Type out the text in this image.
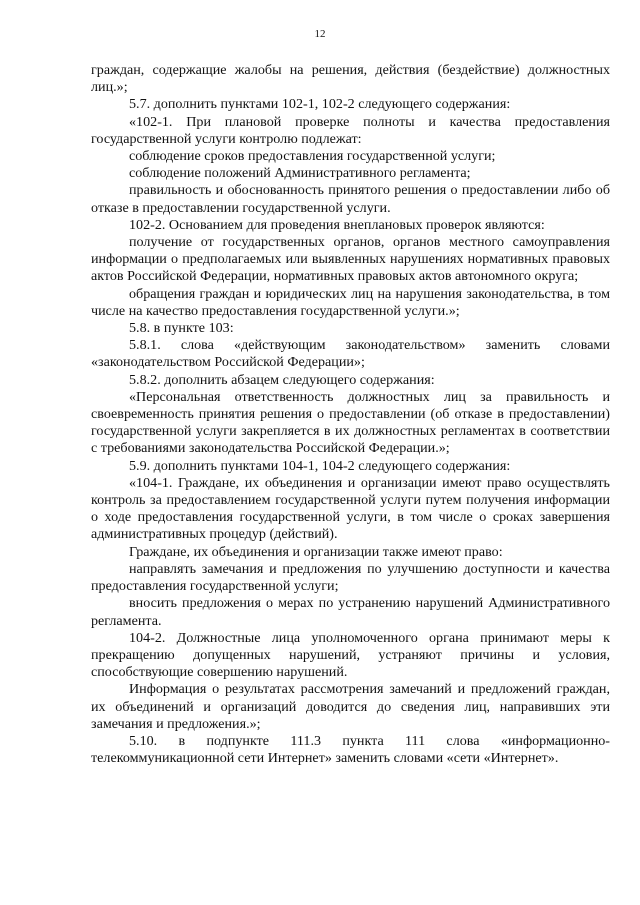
12

граждан, содержащие жалобы на решения, действия (бездействие) должностных лиц.»;

5.7. дополнить пунктами 102-1, 102-2 следующего содержания:

«102-1. При плановой проверке полноты и качества предоставления государственной услуги контролю подлежат:

соблюдение сроков предоставления государственной услуги;

соблюдение положений Административного регламента;

правильность и обоснованность принятого решения о предоставлении либо об отказе в предоставлении государственной услуги.

102-2. Основанием для проведения внеплановых проверок являются:

получение от государственных органов, органов местного самоуправления информации о предполагаемых или выявленных нарушениях нормативных правовых актов Российской Федерации, нормативных правовых актов автономного округа;

обращения граждан и юридических лиц на нарушения законодательства, в том числе на качество предоставления государственной услуги.»;

5.8. в пункте 103:

5.8.1. слова «действующим законодательством» заменить словами «законодательством Российской Федерации»;

5.8.2. дополнить абзацем следующего содержания:

«Персональная ответственность должностных лиц за правильность и своевременность принятия решения о предоставлении (об отказе в предоставлении) государственной услуги закрепляется в их должностных регламентах в соответствии с требованиями законодательства Российской Федерации.»;

5.9. дополнить пунктами 104-1, 104-2 следующего содержания:

«104-1. Граждане, их объединения и организации имеют право осуществлять контроль за предоставлением государственной услуги путем получения информации о ходе предоставления государственной услуги, в том числе о сроках завершения административных процедур (действий).

Граждане, их объединения и организации также имеют право:

направлять замечания и предложения по улучшению доступности и качества предоставления государственной услуги;

вносить предложения о мерах по устранению нарушений Административного регламента.

104-2. Должностные лица уполномоченного органа принимают меры к прекращению допущенных нарушений, устраняют причины и условия, способствующие совершению нарушений.

Информация о результатах рассмотрения замечаний и предложений граждан, их объединений и организаций доводится до сведения лиц, направивших эти замечания и предложения.»;

5.10. в подпункте 111.3 пункта 111 слова «информационно-телекоммуникационной сети Интернет» заменить словами «сети «Интернет».
